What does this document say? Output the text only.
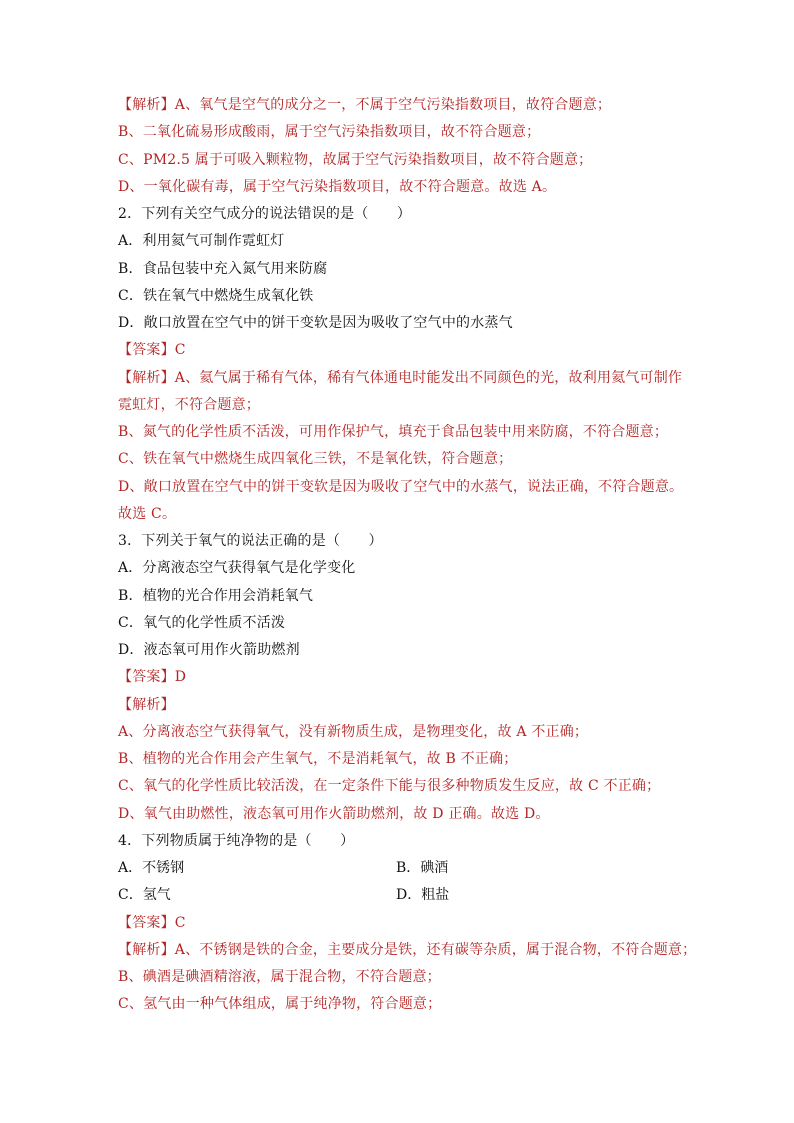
【解析】A、氧气是空气的成分之一，不属于空气污染指数项目，故符合题意；
B、二氧化硫易形成酸雨，属于空气污染指数项目，故不符合题意；
C、PM2.5 属于可吸入颗粒物，故属于空气污染指数项目，故不符合题意；
D、一氧化碳有毒，属于空气污染指数项目，故不符合题意。故选 A。
2．下列有关空气成分的说法错误的是（　　）
A．利用氦气可制作霓虹灯
B．食品包装中充入氮气用来防腐
C．铁在氧气中燃烧生成氧化铁
D．敞口放置在空气中的饼干变软是因为吸收了空气中的水蒸气
【答案】C
【解析】A、氦气属于稀有气体，稀有气体通电时能发出不同颜色的光，故利用氦气可制作
霓虹灯，不符合题意；
B、氮气的化学性质不活泼，可用作保护气，填充于食品包装中用来防腐，不符合题意；
C、铁在氧气中燃烧生成四氧化三铁，不是氧化铁，符合题意；
D、敞口放置在空气中的饼干变软是因为吸收了空气中的水蒸气，说法正确，不符合题意。
故选 C。
3．下列关于氧气的说法正确的是（　　）
A．分离液态空气获得氧气是化学变化
B．植物的光合作用会消耗氧气
C．氧气的化学性质不活泼
D．液态氧可用作火箭助燃剂
【答案】D
【解析】
A、分离液态空气获得氧气，没有新物质生成，是物理变化，故 A 不正确；
B、植物的光合作用会产生氧气，不是消耗氧气，故 B 不正确；
C、氧气的化学性质比较活泼，在一定条件下能与很多种物质发生反应，故 C 不正确；
D、氧气由助燃性，液态氧可用作火箭助燃剂，故 D 正确。故选 D。
4．下列物质属于纯净物的是（　　）
A．不锈钢	B．碘酒
C．氢气	D．粗盐
【答案】C
【解析】A、不锈钢是铁的合金，主要成分是铁，还有碳等杂质，属于混合物，不符合题意；
B、碘酒是碘酒精溶液，属于混合物，不符合题意；
C、氢气由一种气体组成，属于纯净物，符合题意；
